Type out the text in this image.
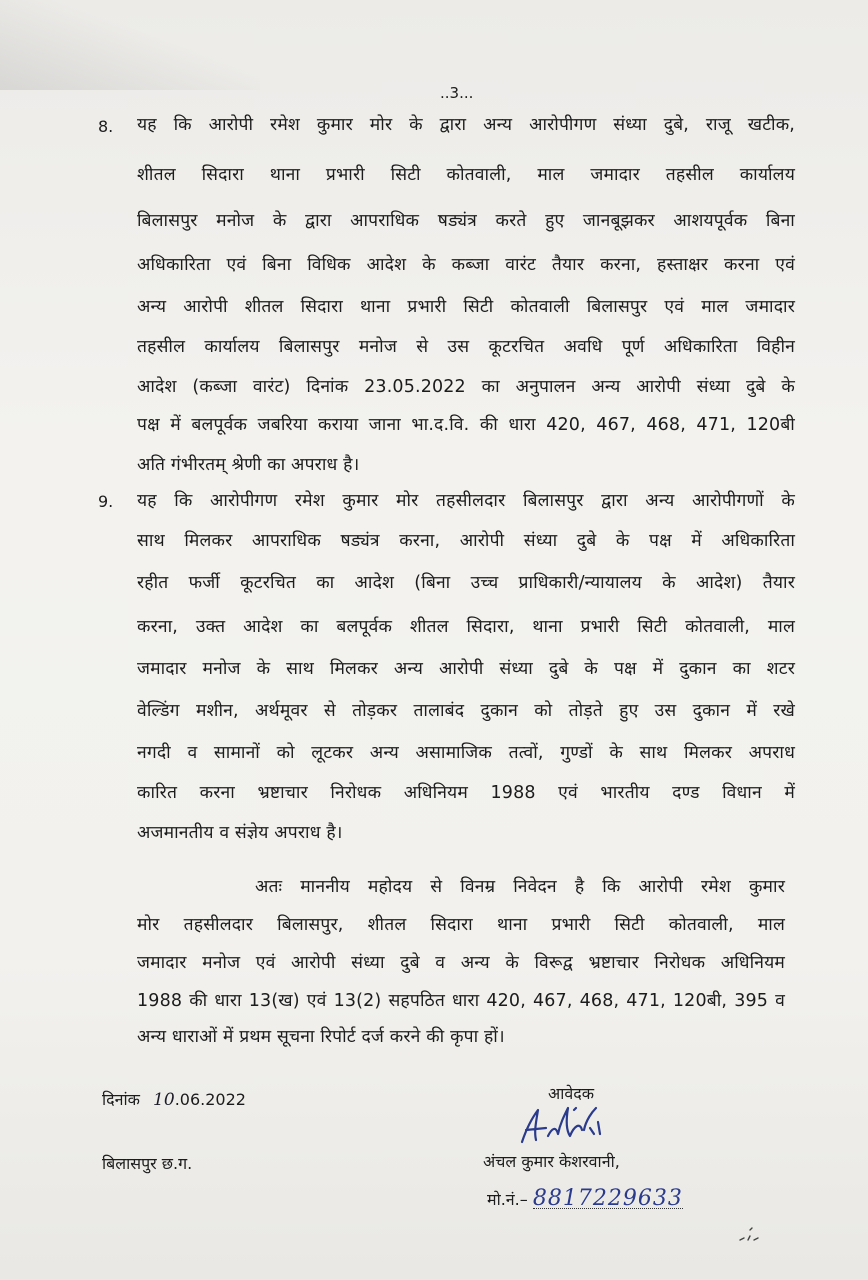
..3...
8. यह कि आरोपी रमेश कुमार मोर के द्वारा अन्य आरोपीगण संध्या दुबे, राजू खटीक,
शीतल सिदारा थाना प्रभारी सिटी कोतवाली, माल जमादार तहसील कार्यालय
बिलासपुर मनोज के द्वारा आपराधिक षड्यंत्र करते हुए जानबूझकर आशयपूर्वक बिना
अधिकारिता एवं बिना विधिक आदेश के कब्जा वारंट तैयार करना, हस्ताक्षर करना एवं
अन्य आरोपी शीतल सिदारा थाना प्रभारी सिटी कोतवाली बिलासपुर एवं माल जमादार
तहसील कार्यालय बिलासपुर मनोज से उस कूटरचित अवधि पूर्ण अधिकारिता विहीन
आदेश (कब्जा वारंट) दिनांक 23.05.2022 का अनुपालन अन्य आरोपी संध्या दुबे के
पक्ष में बलपूर्वक जबरिया कराया जाना भा.द.वि. की धारा 420, 467, 468, 471, 120बी
अति गंभीरतम् श्रेणी का अपराध है।
9. यह कि आरोपीगण रमेश कुमार मोर तहसीलदार बिलासपुर द्वारा अन्य आरोपीगणों के
साथ मिलकर आपराधिक षड्यंत्र करना, आरोपी संध्या दुबे के पक्ष में अधिकारिता
रहीत फर्जी कूटरचित का आदेश (बिना उच्च प्राधिकारी/न्यायालय के आदेश) तैयार
करना, उक्त आदेश का बलपूर्वक शीतल सिदारा, थाना प्रभारी सिटी कोतवाली, माल
जमादार मनोज के साथ मिलकर अन्य आरोपी संध्या दुबे के पक्ष में दुकान का शटर
वेल्डिंग मशीन, अर्थमूवर से तोड़कर तालाबंद दुकान को तोड़ते हुए उस दुकान में रखे
नगदी व सामानों को लूटकर अन्य असामाजिक तत्वों, गुण्डों के साथ मिलकर अपराध
कारित करना भ्रष्टाचार निरोधक अधिनियम 1988 एवं भारतीय दण्ड विधान में
अजमानतीय व संज्ञेय अपराध है।
अतः माननीय महोदय से विनम्र निवेदन है कि आरोपी रमेश कुमार
मोर तहसीलदार बिलासपुर, शीतल सिदारा थाना प्रभारी सिटी कोतवाली, माल
जमादार मनोज एवं आरोपी संध्या दुबे व अन्य के विरूद्व भ्रष्टाचार निरोधक अधिनियम
1988 की धारा 13(ख) एवं 13(2) सहपठित धारा 420, 467, 468, 471, 120बी, 395 व
अन्य धाराओं में प्रथम सूचना रिपोर्ट दर्ज करने की कृपा हों।
दिनांक 10.06.2022
बिलासपुर छ.ग.
आवेदक
अंचल कुमार केशरवानी,
मो.नं.– 8817229633
